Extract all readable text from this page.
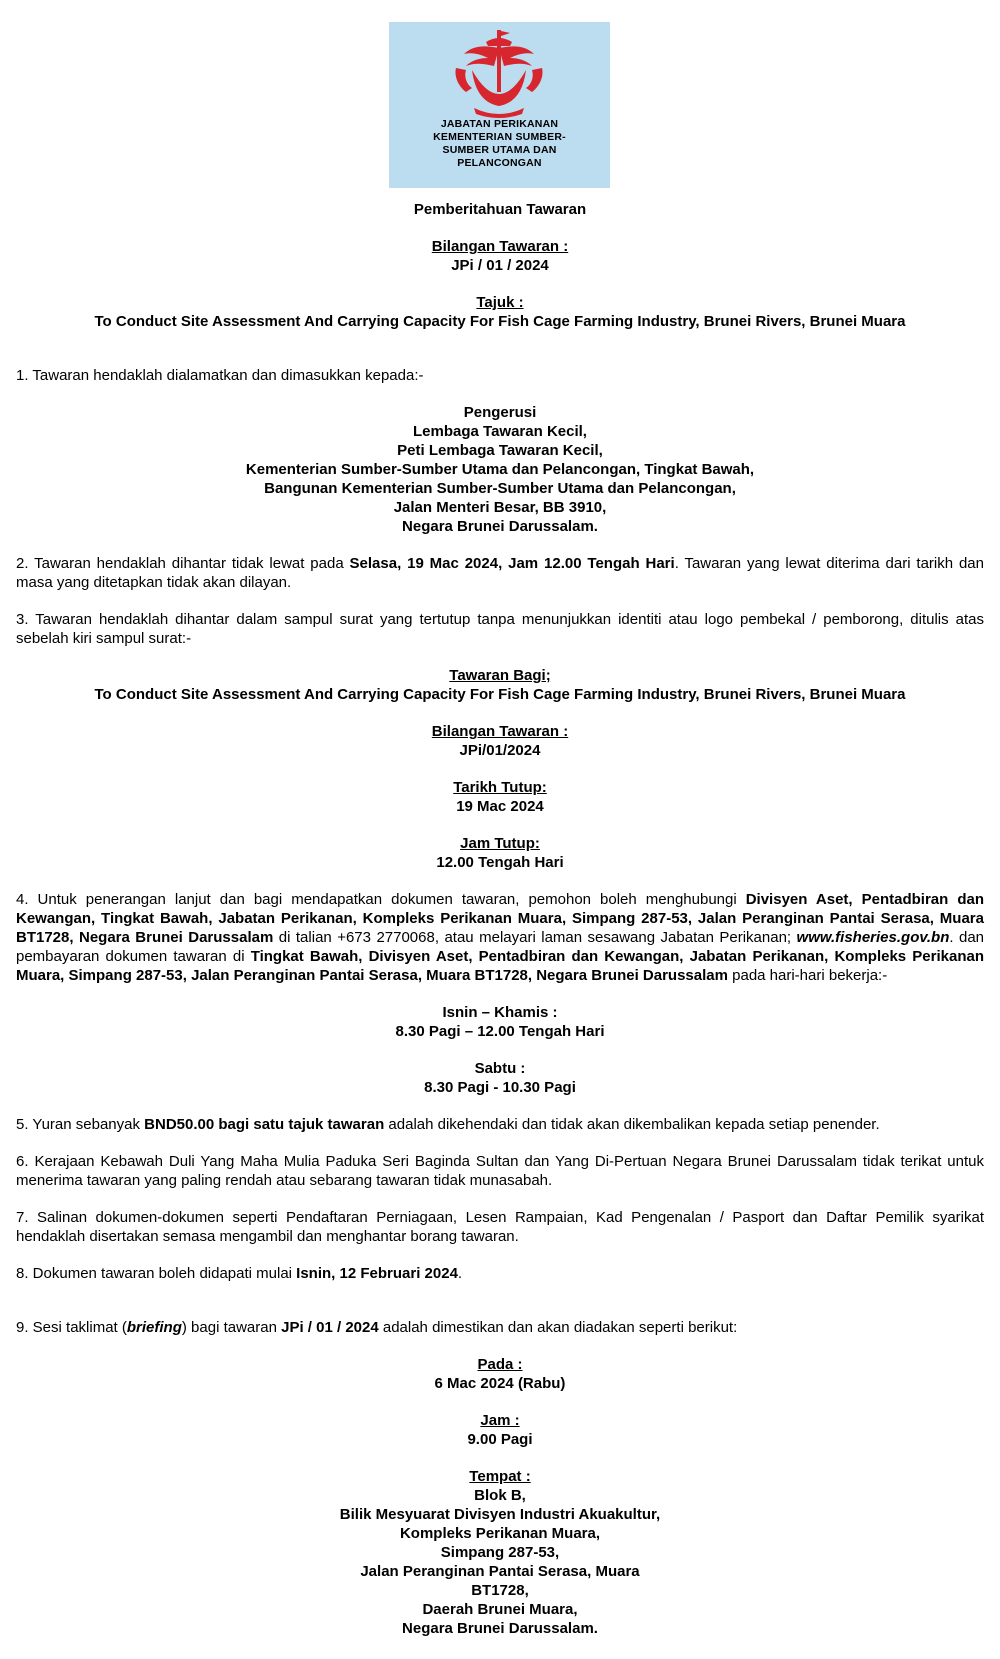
JABATAN PERIKANAN
KEMENTERIAN SUMBER-
SUMBER UTAMA DAN
PELANCONGAN

Pemberitahuan Tawaran

Bilangan Tawaran :

JPi / 01 / 2024

Tajuk :

To Conduct Site Assessment And Carrying Capacity For Fish Cage Farming Industry, Brunei Rivers, Brunei Muara

1. Tawaran hendaklah dialamatkan dan dimasukkan kepada:-

Pengerusi

Lembaga Tawaran Kecil,

Peti Lembaga Tawaran Kecil,

Kementerian Sumber-Sumber Utama dan Pelancongan, Tingkat Bawah,

Bangunan Kementerian Sumber-Sumber Utama dan Pelancongan,

Jalan Menteri Besar, BB 3910,

Negara Brunei Darussalam.

2. Tawaran hendaklah dihantar tidak lewat pada Selasa, 19 Mac 2024, Jam 12.00 Tengah Hari. Tawaran yang lewat diterima dari tarikh dan masa yang ditetapkan tidak akan dilayan.

3. Tawaran hendaklah dihantar dalam sampul surat yang tertutup tanpa menunjukkan identiti atau logo pembekal / pemborong, ditulis atas sebelah kiri sampul surat:-

Tawaran Bagi;

To Conduct Site Assessment And Carrying Capacity For Fish Cage Farming Industry, Brunei Rivers, Brunei Muara

Bilangan Tawaran :

JPi/01/2024

Tarikh Tutup:

19 Mac 2024

Jam Tutup:

12.00 Tengah Hari

4. Untuk penerangan lanjut dan bagi mendapatkan dokumen tawaran, pemohon boleh menghubungi Divisyen Aset, Pentadbiran dan Kewangan, Tingkat Bawah, Jabatan Perikanan, Kompleks Perikanan Muara, Simpang 287-53, Jalan Peranginan Pantai Serasa, Muara BT1728, Negara Brunei Darussalam di talian +673 2770068, atau melayari laman sesawang Jabatan Perikanan; www.fisheries.gov.bn. dan pembayaran dokumen tawaran di Tingkat Bawah, Divisyen Aset, Pentadbiran dan Kewangan, Jabatan Perikanan, Kompleks Perikanan Muara, Simpang 287-53, Jalan Peranginan Pantai Serasa, Muara BT1728, Negara Brunei Darussalam pada hari-hari bekerja:-

Isnin – Khamis :

8.30 Pagi – 12.00 Tengah Hari

Sabtu :

8.30 Pagi - 10.30 Pagi

5. Yuran sebanyak BND50.00 bagi satu tajuk tawaran adalah dikehendaki dan tidak akan dikembalikan kepada setiap penender.

6. Kerajaan Kebawah Duli Yang Maha Mulia Paduka Seri Baginda Sultan dan Yang Di-Pertuan Negara Brunei Darussalam tidak terikat untuk menerima tawaran yang paling rendah atau sebarang tawaran tidak munasabah.

7. Salinan dokumen-dokumen seperti Pendaftaran Perniagaan, Lesen Rampaian, Kad Pengenalan / Pasport dan Daftar Pemilik syarikat hendaklah disertakan semasa mengambil dan menghantar borang tawaran.

8. Dokumen tawaran boleh didapati mulai Isnin, 12 Februari 2024.

9. Sesi taklimat (briefing) bagi tawaran JPi / 01 / 2024 adalah dimestikan dan akan diadakan seperti berikut:

Pada :

6 Mac 2024 (Rabu)

Jam :

9.00 Pagi

Tempat :

Blok B,

Bilik Mesyuarat Divisyen Industri Akuakultur,

Kompleks Perikanan Muara,

Simpang 287-53,

Jalan Peranginan Pantai Serasa, Muara

BT1728,

Daerah Brunei Muara,

Negara Brunei Darussalam.
